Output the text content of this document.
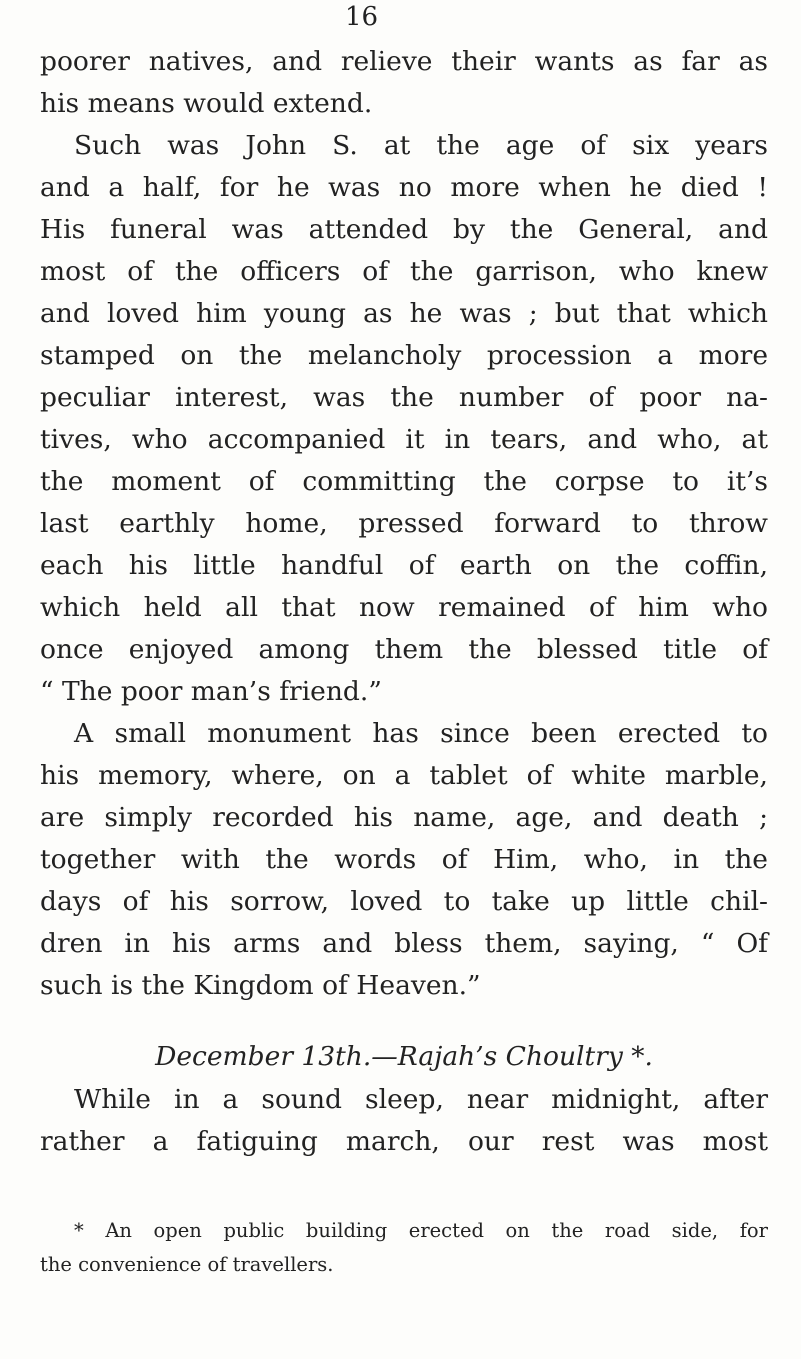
16
poorer natives, and relieve their wants as far as
his means would extend.
Such was John S. at the age of six years
and a half, for he was no more when he died !
His funeral was attended by the General, and
most of the officers of the garrison, who knew
and loved him young as he was ; but that which
stamped on the melancholy procession a more
peculiar interest, was the number of poor na-
tives, who accompanied it in tears, and who, at
the moment of committing the corpse to it’s
last earthly home, pressed forward to throw
each his little handful of earth on the coffin,
which held all that now remained of him who
once enjoyed among them the blessed title of
“ The poor man’s friend.”
A small monument has since been erected to
his memory, where, on a tablet of white marble,
are simply recorded his name, age, and death ;
together with the words of Him, who, in the
days of his sorrow, loved to take up little chil-
dren in his arms and bless them, saying, “ Of
such is the Kingdom of Heaven.”
December 13th.—Rajah’s Choultry *.
While in a sound sleep, near midnight, after
rather a fatiguing march, our rest was most
* An open public building erected on the road side, for
the convenience of travellers.
